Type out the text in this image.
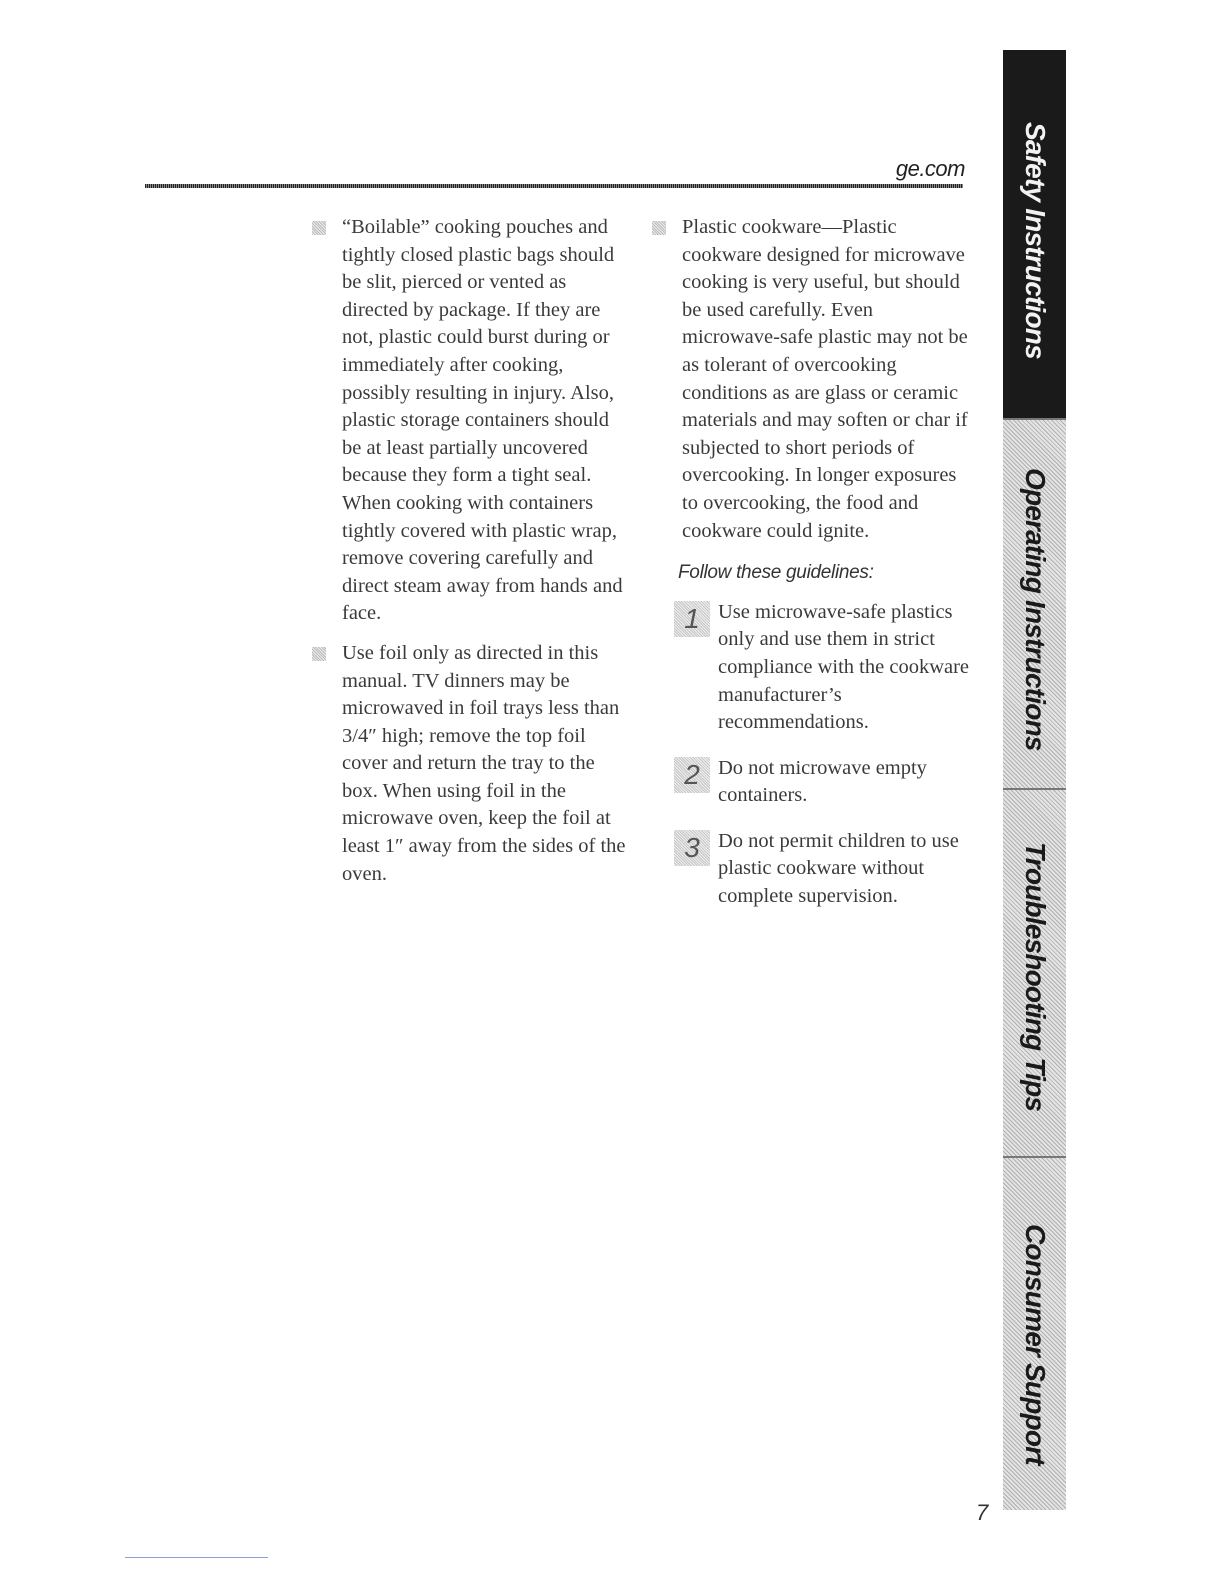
ge.com
“Boilable” cooking pouches and tightly closed plastic bags should be slit, pierced or vented as directed by package. If they are not, plastic could burst during or immediately after cooking, possibly resulting in injury. Also, plastic storage containers should be at least partially uncovered because they form a tight seal. When cooking with containers tightly covered with plastic wrap, remove covering carefully and direct steam away from hands and face.
Use foil only as directed in this manual. TV dinners may be microwaved in foil trays less than 3/4″ high; remove the top foil cover and return the tray to the box. When using foil in the microwave oven, keep the foil at least 1″ away from the sides of the oven.
Plastic cookware—Plastic cookware designed for microwave cooking is very useful, but should be used carefully. Even microwave-safe plastic may not be as tolerant of overcooking conditions as are glass or ceramic materials and may soften or char if subjected to short periods of overcooking. In longer exposures to overcooking, the food and cookware could ignite.
Follow these guidelines:
1 Use microwave-safe plastics only and use them in strict compliance with the cookware manufacturer’s recommendations.
2 Do not microwave empty containers.
3 Do not permit children to use plastic cookware without complete supervision.
Safety Instructions
Operating Instructions
Troubleshooting Tips
Consumer Support
7
